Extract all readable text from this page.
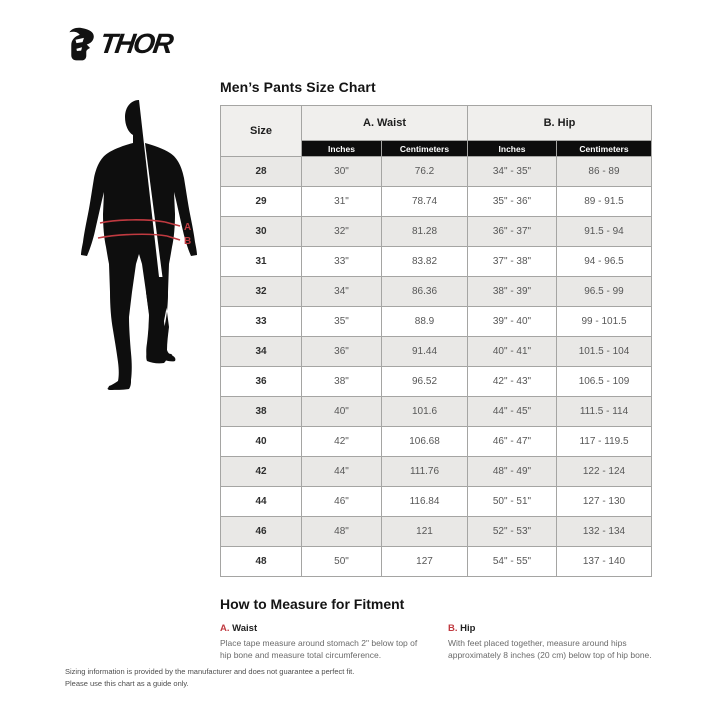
THOR
A
B
Men’s Pants Size Chart
Size	A. Waist		B. Hip	
	Inches	Centimeters	Inches	Centimeters
28	30"	76.2	34" - 35"	86 - 89
29	31"	78.74	35" - 36"	89 - 91.5
30	32"	81.28	36" - 37"	91.5 - 94
31	33"	83.82	37" - 38"	94 - 96.5
32	34"	86.36	38" - 39"	96.5 - 99
33	35"	88.9	39" - 40"	99 - 101.5
34	36"	91.44	40" - 41"	101.5 - 104
36	38"	96.52	42" - 43"	106.5 - 109
38	40"	101.6	44" - 45"	111.5 - 114
40	42"	106.68	46" - 47"	117 - 119.5
42	44"	111.76	48" - 49"	122 - 124
44	46"	116.84	50" - 51"	127 - 130
46	48"	121	52" - 53"	132 - 134
48	50"	127	54" - 55"	137 - 140
How to Measure for Fitment
A. Waist

Place tape measure around stomach 2" below top of hip bone and measure total circumference.

B. Hip

With feet placed together, measure around hips approximately 8 inches (20 cm) below top of hip bone.

Sizing information is provided by the manufacturer and does not guarantee a perfect fit.
Please use this chart as a guide only.
